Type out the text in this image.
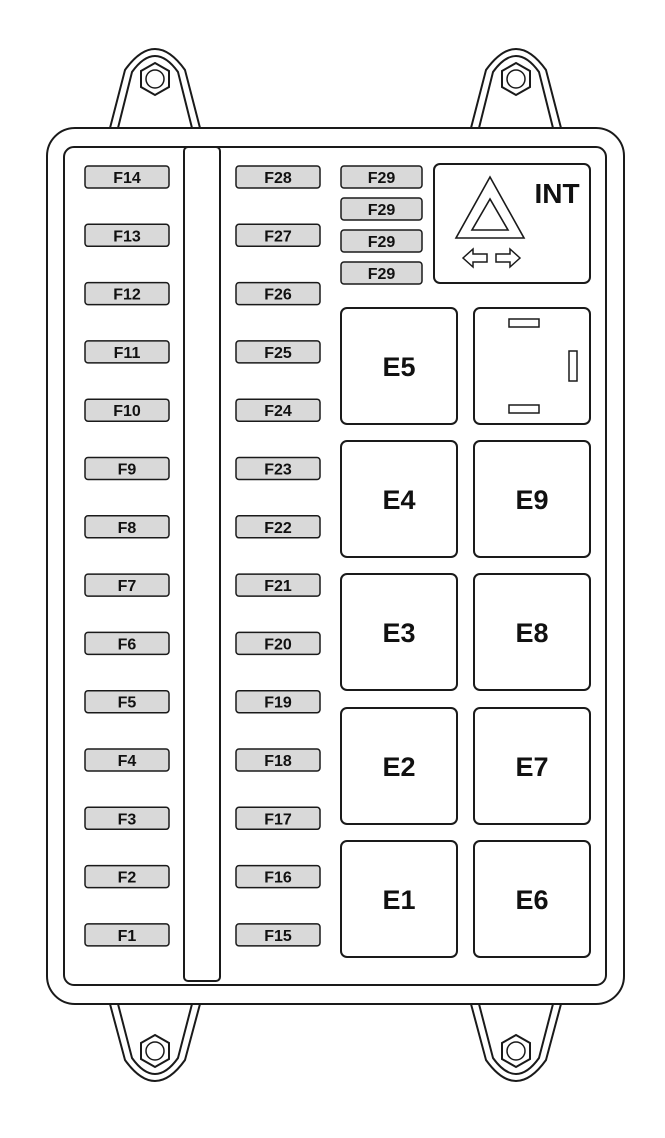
F14
F13
F12
F11
F10
F9
F8
F7
F6
F5
F4
F3
F2
F1
F28
F27
F26
F25
F24
F23
F22
F21
F20
F19
F18
F17
F16
F15
F29
F29
F29
F29
E5
E4
E3
E2
E1
E9
E8
E7
E6
INT
